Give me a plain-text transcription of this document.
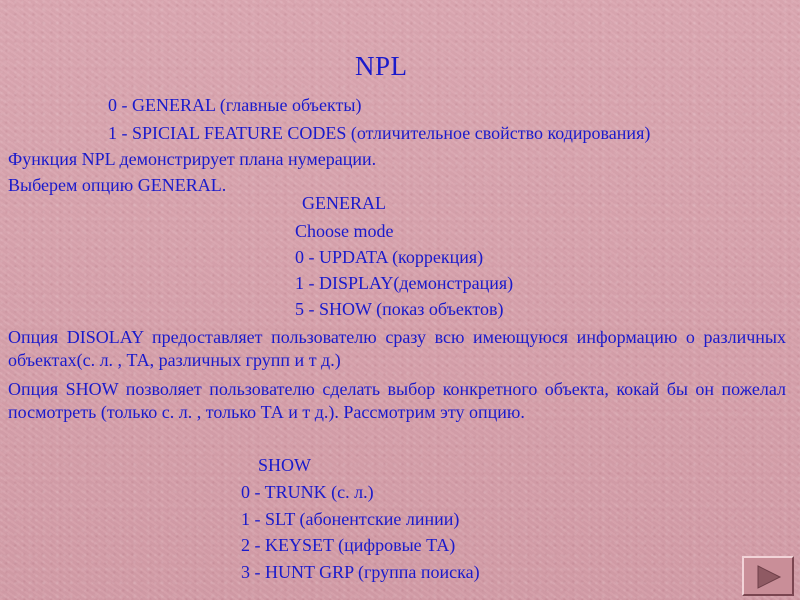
NPL
0 - GENERAL (главные объекты)
1 - SPICIAL FEATURE CODES (отличительное свойство кодирования)
Функция NPL демонстрирует плана нумерации.
Выберем опцию GENERAL.
GENERAL
Choose mode
0 - UPDATA (коррекция)
1 - DISPLAY(демонстрация)
5 - SHOW (показ объектов)
Опция DISOLAY предоставляет пользователю сразу всю имеющуюся информацию о различных объектах(с. л. , ТА, различных групп и т д.)
Опция SHOW позволяет пользователю сделать выбор конкретного объекта, кокай бы он пожелал посмотреть (только с. л. , только ТА и т д.). Рассмотрим эту опцию.
SHOW
0 - TRUNK (с. л.)
1 - SLT (абонентские линии)
2 - KEYSET (цифровые ТА)
3 - HUNT GRP (группа поиска)
